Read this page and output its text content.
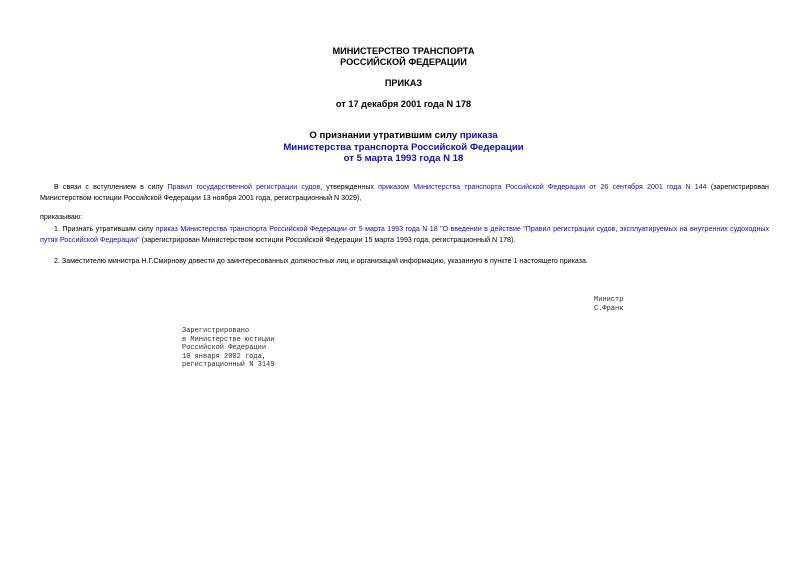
МИНИСТЕРСТВО ТРАНСПОРТА
РОССИЙСКОЙ ФЕДЕРАЦИИ
ПРИКАЗ
от 17 декабря 2001 года N 178
О признании утратившим силу приказа
Министерства транспорта Российской Федерации
от 5 марта 1993 года N 18
В связи с вступлением в силу Правил государственной регистрации судов, утвержденных приказом Министерства транспорта Российской Федерации от 26 сентября 2001 года N 144 (зарегистрирован Министерством юстиции Российской Федерации 13 ноября 2001 года, регистрационный N 3029),
приказываю:
1. Признать утратившим силу приказ Министерства транспорта Российской Федерации от 5 марта 1993 года N 18 "О введении в действие "Правил регистрации судов, эксплуатируемых на внутренних судоходных путях Российской Федерации" (зарегистрирован Министерством юстиции Российской Федерации 15 марта 1993 года, регистрационный N 178).
2. Заместителю министра Н.Г.Смирнову довести до заинтересованных должностных лиц и организаций информацию, указанную в пункте 1 настоящего приказа.
Министр
С.Франк
Зарегистрировано
в Министерстве юстиции
Российской Федерации
10 января 2002 года,
регистрационный N 3149
